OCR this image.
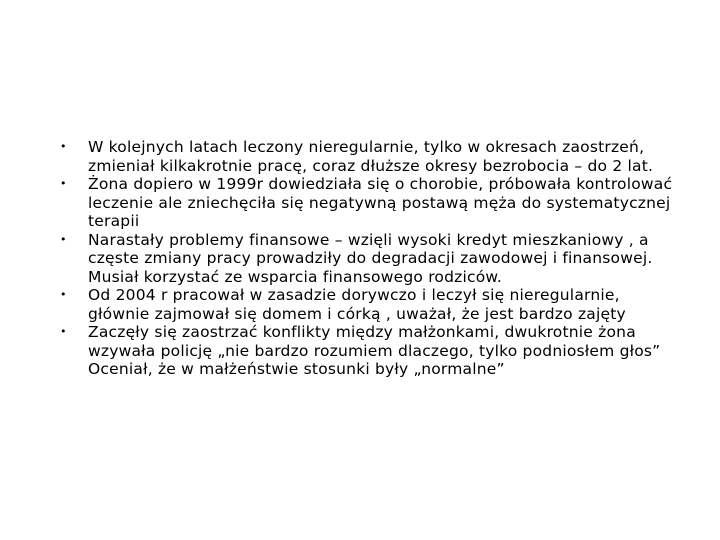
• W kolejnych latach leczony nieregularnie, tylko w okresach zaostrzeń, zmieniał kilkakrotnie pracę, coraz dłuższe okresy bezrobocia – do 2 lat.
• Żona dopiero w 1999r dowiedziała się o chorobie, próbowała kontrolować leczenie ale zniechęciła się negatywną postawą męża do systematycznej terapii
• Narastały problemy finansowe – wzięli wysoki kredyt mieszkaniowy , a częste zmiany pracy prowadziły do degradacji zawodowej i finansowej. Musiał korzystać ze wsparcia finansowego rodziców.
• Od 2004 r pracował w zasadzie dorywczo i leczył się nieregularnie, głównie zajmował się domem i córką , uważał, że jest bardzo zajęty
• Zaczęły się zaostrzać konflikty między małżonkami, dwukrotnie żona wzywała policję „nie bardzo rozumiem dlaczego, tylko podniosłem głos” Oceniał, że w małżeństwie stosunki były „normalne”
